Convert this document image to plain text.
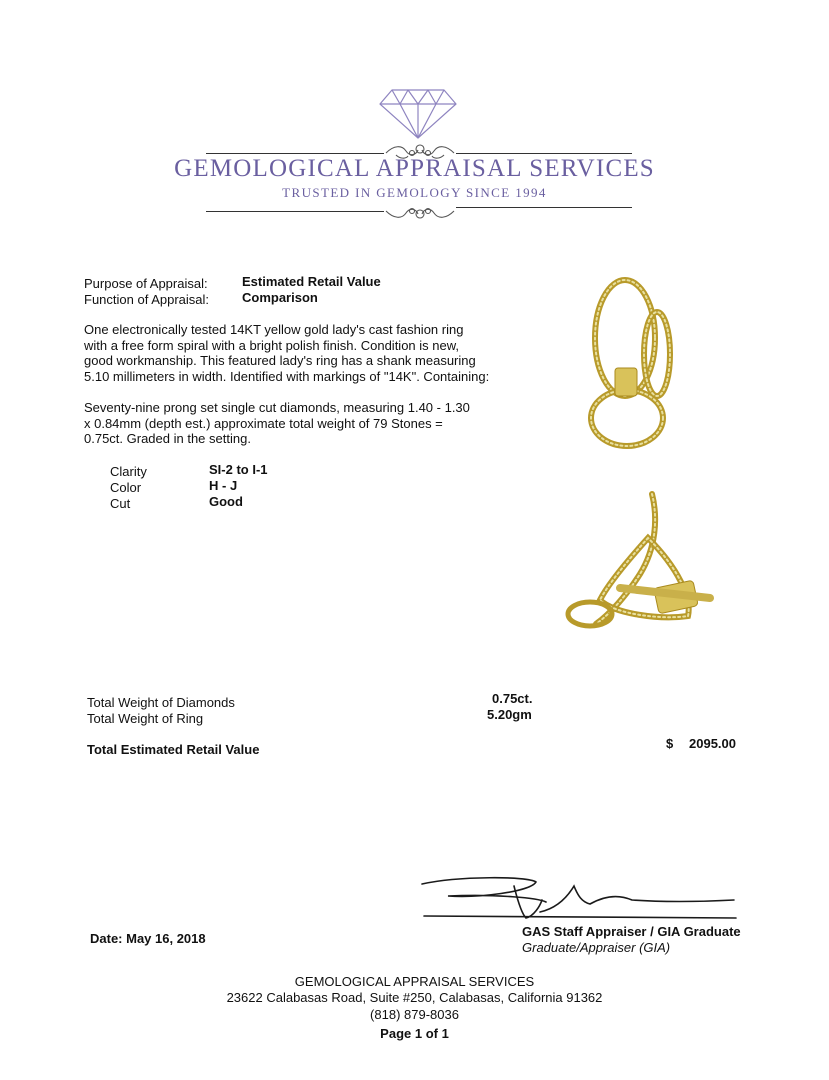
GEMOLOGICAL APPRAISAL SERVICES
TRUSTED IN GEMOLOGY SINCE 1994
Purpose of Appraisal:	Estimated Retail Value
Function of Appraisal:	Comparison
One electronically tested 14KT yellow gold lady's cast fashion ring
with a free form spiral with a bright polish finish. Condition is new,
good workmanship. This featured lady's ring has a shank measuring
5.10 millimeters in width. Identified with markings of "14K". Containing:
Seventy-nine prong set single cut diamonds, measuring 1.40 - 1.30
x 0.84mm (depth est.) approximate total weight of 79 Stones =
0.75ct. Graded in the setting.
Clarity	SI-2 to I-1
Color	H - J
Cut	Good
Total Weight of Diamonds	0.75ct.
Total Weight of Ring	5.20gm
Total Estimated Retail Value	$ 2095.00
Date: May 16, 2018	GAS Staff Appraiser / GIA Graduate
Graduate/Appraiser (GIA)
GEMOLOGICAL APPRAISAL SERVICES
23622 Calabasas Road, Suite #250, Calabasas, California 91362
(818) 879-8036
Page 1 of 1
